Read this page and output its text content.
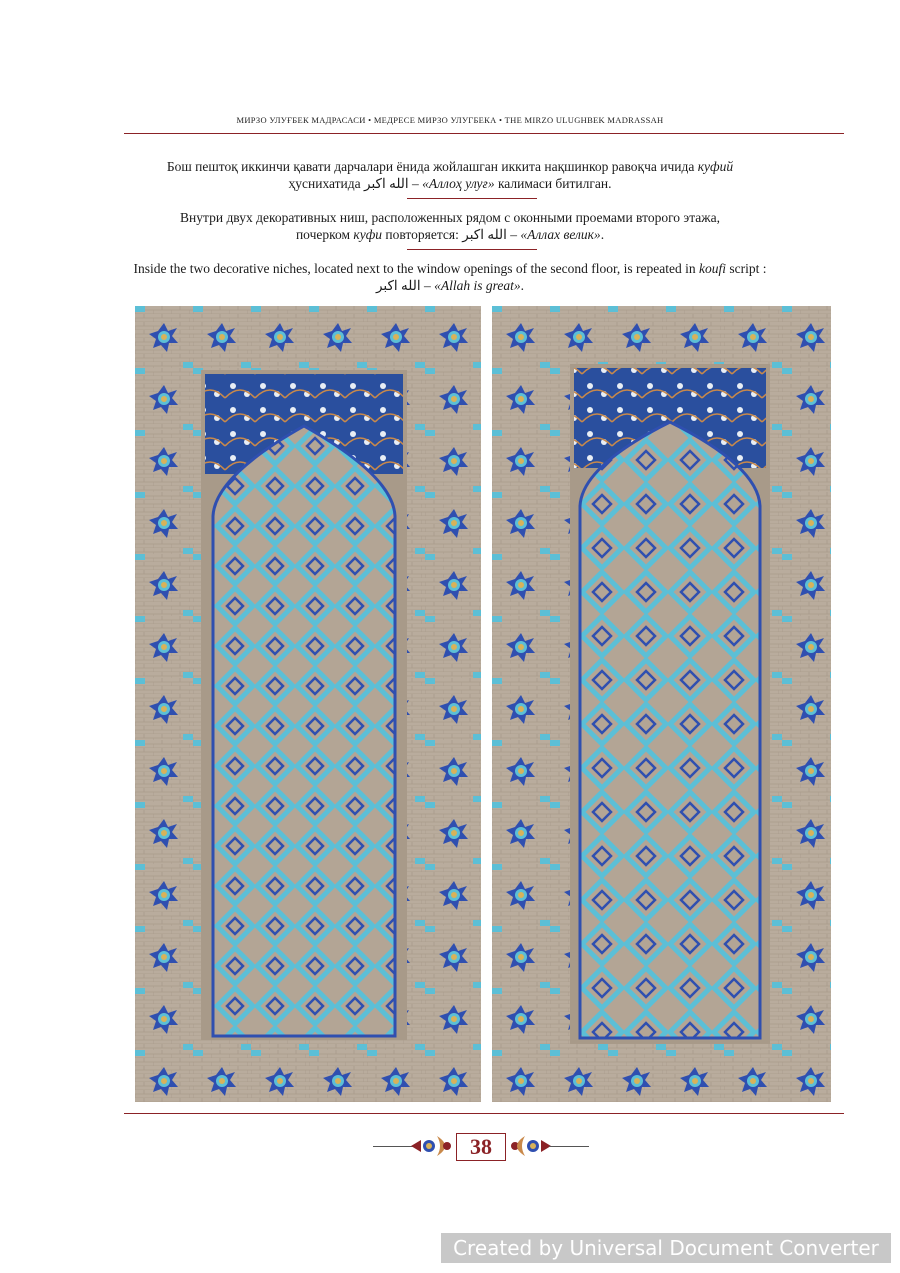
МИРЗО УЛУҒБЕК МАДРАСАСИ • МЕДРЕСЕ МИРЗО УЛУГБЕКА • THE MIRZO ULUGHBEK MADRASSAH
Бош пештоқ иккинчи қавати дарчалари ёнида жойлашган иккита нақшинкор равоқча ичида куфий
ҳуснихатида الله اكبر – «Аллоҳ улуғ» калимаси битилган.
Внутри двух декоративных ниш, расположенных рядом с оконными проемами второго этажа,
почерком куфи повторяется: الله اكبر – «Аллах велик».
Inside the two decorative niches, located next to the window openings of the second floor, is repeated in koufi script :
الله اكبر – «Allah is great».
38
Created by Universal Document Converter
